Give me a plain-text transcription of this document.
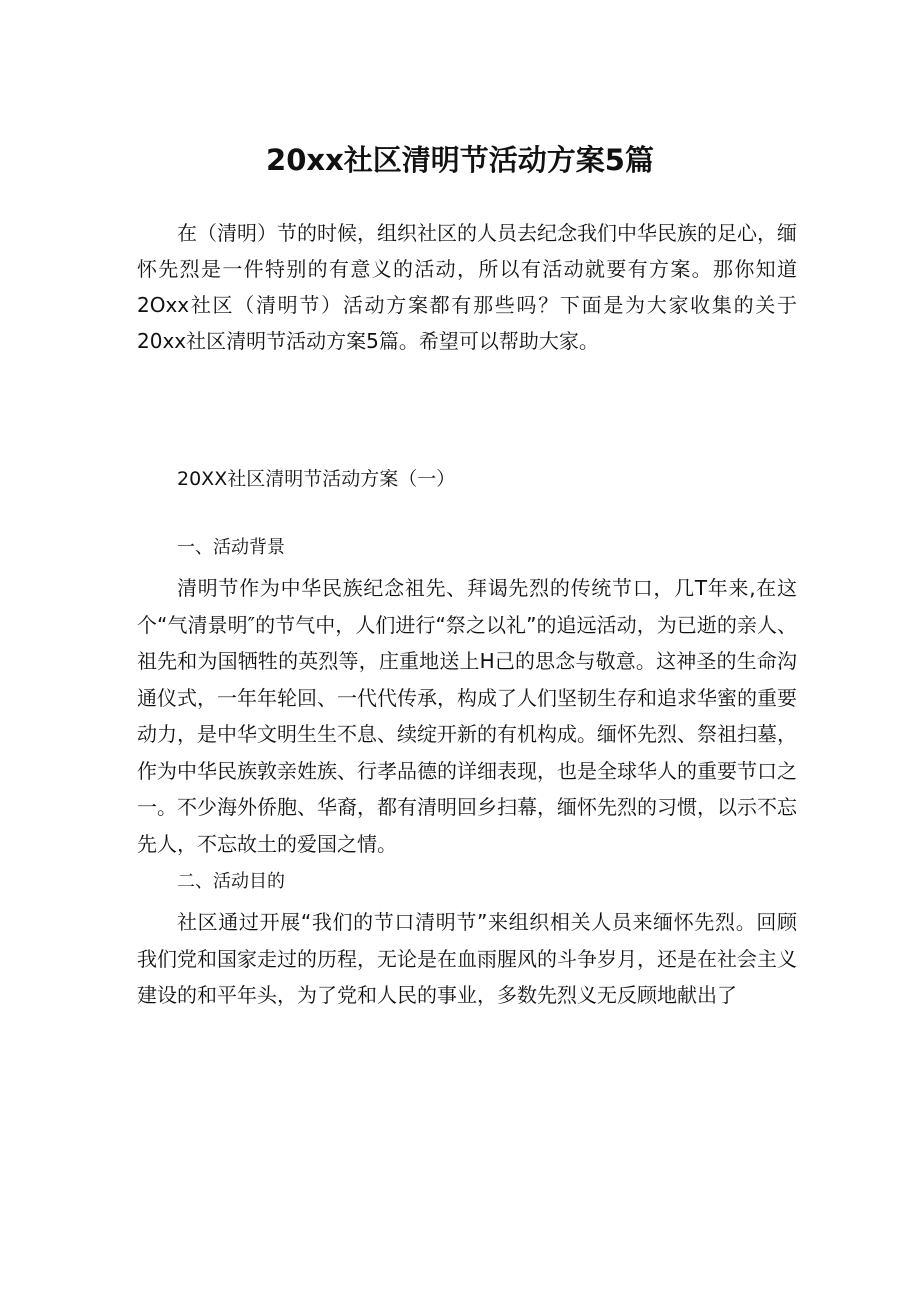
20xx社区清明节活动方案5篇

在（清明）节的时候，组织社区的人员去纪念我们中华民族的足心，缅怀先烈是一件特别的有意义的活动，所以有活动就要有方案。那你知道2Oxx社区（清明节）活动方案都有那些吗？下面是为大家收集的关于20xx社区清明节活动方案5篇。希望可以帮助大家。

20XX社区清明节活动方案（一）

一、活动背景

清明节作为中华民族纪念祖先、拜谒先烈的传统节口，几T年来,在这个“气清景明″的节气中，人们进行“祭之以礼”的追远活动，为已逝的亲人、祖先和为国牺牲的英烈等，庄重地送上H己的思念与敬意。这神圣的生命沟通仪式，一年年轮回、一代代传承，构成了人们坚韧生存和追求华蜜的重要动力，是中华文明生生不息、续绽开新的有机构成。缅怀先烈、祭祖扫墓，作为中华民族敦亲姓族、行孝品德的详细表现，也是全球华人的重要节口之一。不少海外侨胞、华裔，都有清明回乡扫幕，缅怀先烈的习惯，以示不忘先人，不忘故土的爱国之情。

二、活动目的

社区通过开展“我们的节口清明节”来组织相关人员来缅怀先烈。回顾我们党和国家走过的历程，无论是在血雨腥风的斗争岁月，还是在社会主义建设的和平年头，为了党和人民的事业，多数先烈义无反顾地献出了
